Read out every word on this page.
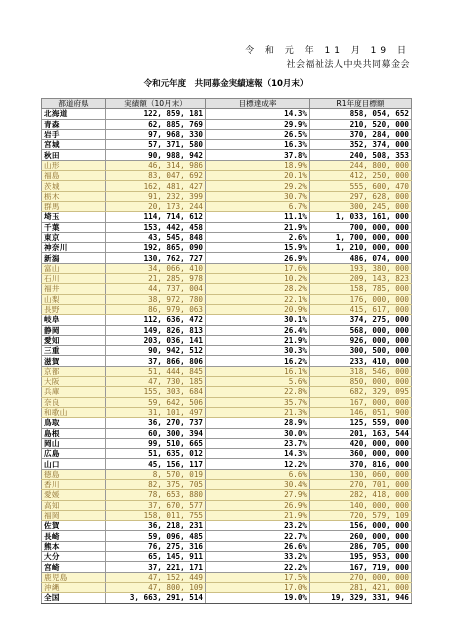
令 和 元 年 11 月 19 日
社会福祉法人中央共同募金会
令和元年度　共同募金実績速報（10月末）
都道府県	実績額（10月末）	目標達成率	R1年度目標額
北海道	122, 859, 181	14.3%	858, 054, 652
青森	62, 885, 769	29.9%	210, 520, 000
岩手	97, 968, 330	26.5%	370, 284, 000
宮城	57, 371, 580	16.3%	352, 374, 000
秋田	90, 988, 942	37.8%	240, 508, 353
山形	46, 314, 986	18.9%	244, 800, 000
福島	83, 047, 692	20.1%	412, 250, 000
茨城	162, 481, 427	29.2%	555, 600, 470
栃木	91, 232, 399	30.7%	297, 628, 000
群馬	20, 173, 244	6.7%	300, 245, 000
埼玉	114, 714, 612	11.1%	1, 033, 161, 000
千葉	153, 442, 458	21.9%	700, 000, 000
東京	43, 545, 848	2.6%	1, 700, 000, 000
神奈川	192, 865, 090	15.9%	1, 210, 000, 000
新潟	130, 762, 727	26.9%	486, 074, 000
富山	34, 066, 410	17.6%	193, 380, 000
石川	21, 285, 978	10.2%	209, 143, 823
福井	44, 737, 004	28.2%	158, 785, 000
山梨	38, 972, 780	22.1%	176, 000, 000
長野	86, 979, 063	20.9%	415, 617, 000
岐阜	112, 636, 472	30.1%	374, 275, 000
静岡	149, 826, 813	26.4%	568, 000, 000
愛知	203, 036, 141	21.9%	926, 000, 000
三重	90, 942, 512	30.3%	300, 500, 000
滋賀	37, 866, 806	16.2%	233, 410, 000
京都	51, 444, 845	16.1%	318, 546, 000
大阪	47, 730, 185	5.6%	850, 000, 000
兵庫	155, 303, 684	22.8%	682, 329, 095
奈良	59, 642, 506	35.7%	167, 000, 000
和歌山	31, 101, 497	21.3%	146, 051, 900
鳥取	36, 270, 737	28.9%	125, 559, 000
島根	60, 300, 394	30.0%	201, 163, 544
岡山	99, 510, 665	23.7%	420, 000, 000
広島	51, 635, 012	14.3%	360, 000, 000
山口	45, 156, 117	12.2%	370, 816, 000
徳島	8, 570, 019	6.6%	130, 060, 000
香川	82, 375, 705	30.4%	270, 701, 000
愛媛	78, 653, 880	27.9%	282, 418, 000
高知	37, 670, 577	26.9%	140, 000, 000
福岡	158, 011, 755	21.9%	720, 579, 109
佐賀	36, 218, 231	23.2%	156, 000, 000
長崎	59, 096, 485	22.7%	260, 000, 000
熊本	76, 275, 316	26.6%	286, 705, 000
大分	65, 145, 911	33.2%	195, 953, 000
宮崎	37, 221, 171	22.2%	167, 719, 000
鹿児島	47, 152, 449	17.5%	270, 000, 000
沖縄	47, 800, 109	17.0%	281, 421, 000
全国	3, 663, 291, 514	19.0%	19, 329, 331, 946
